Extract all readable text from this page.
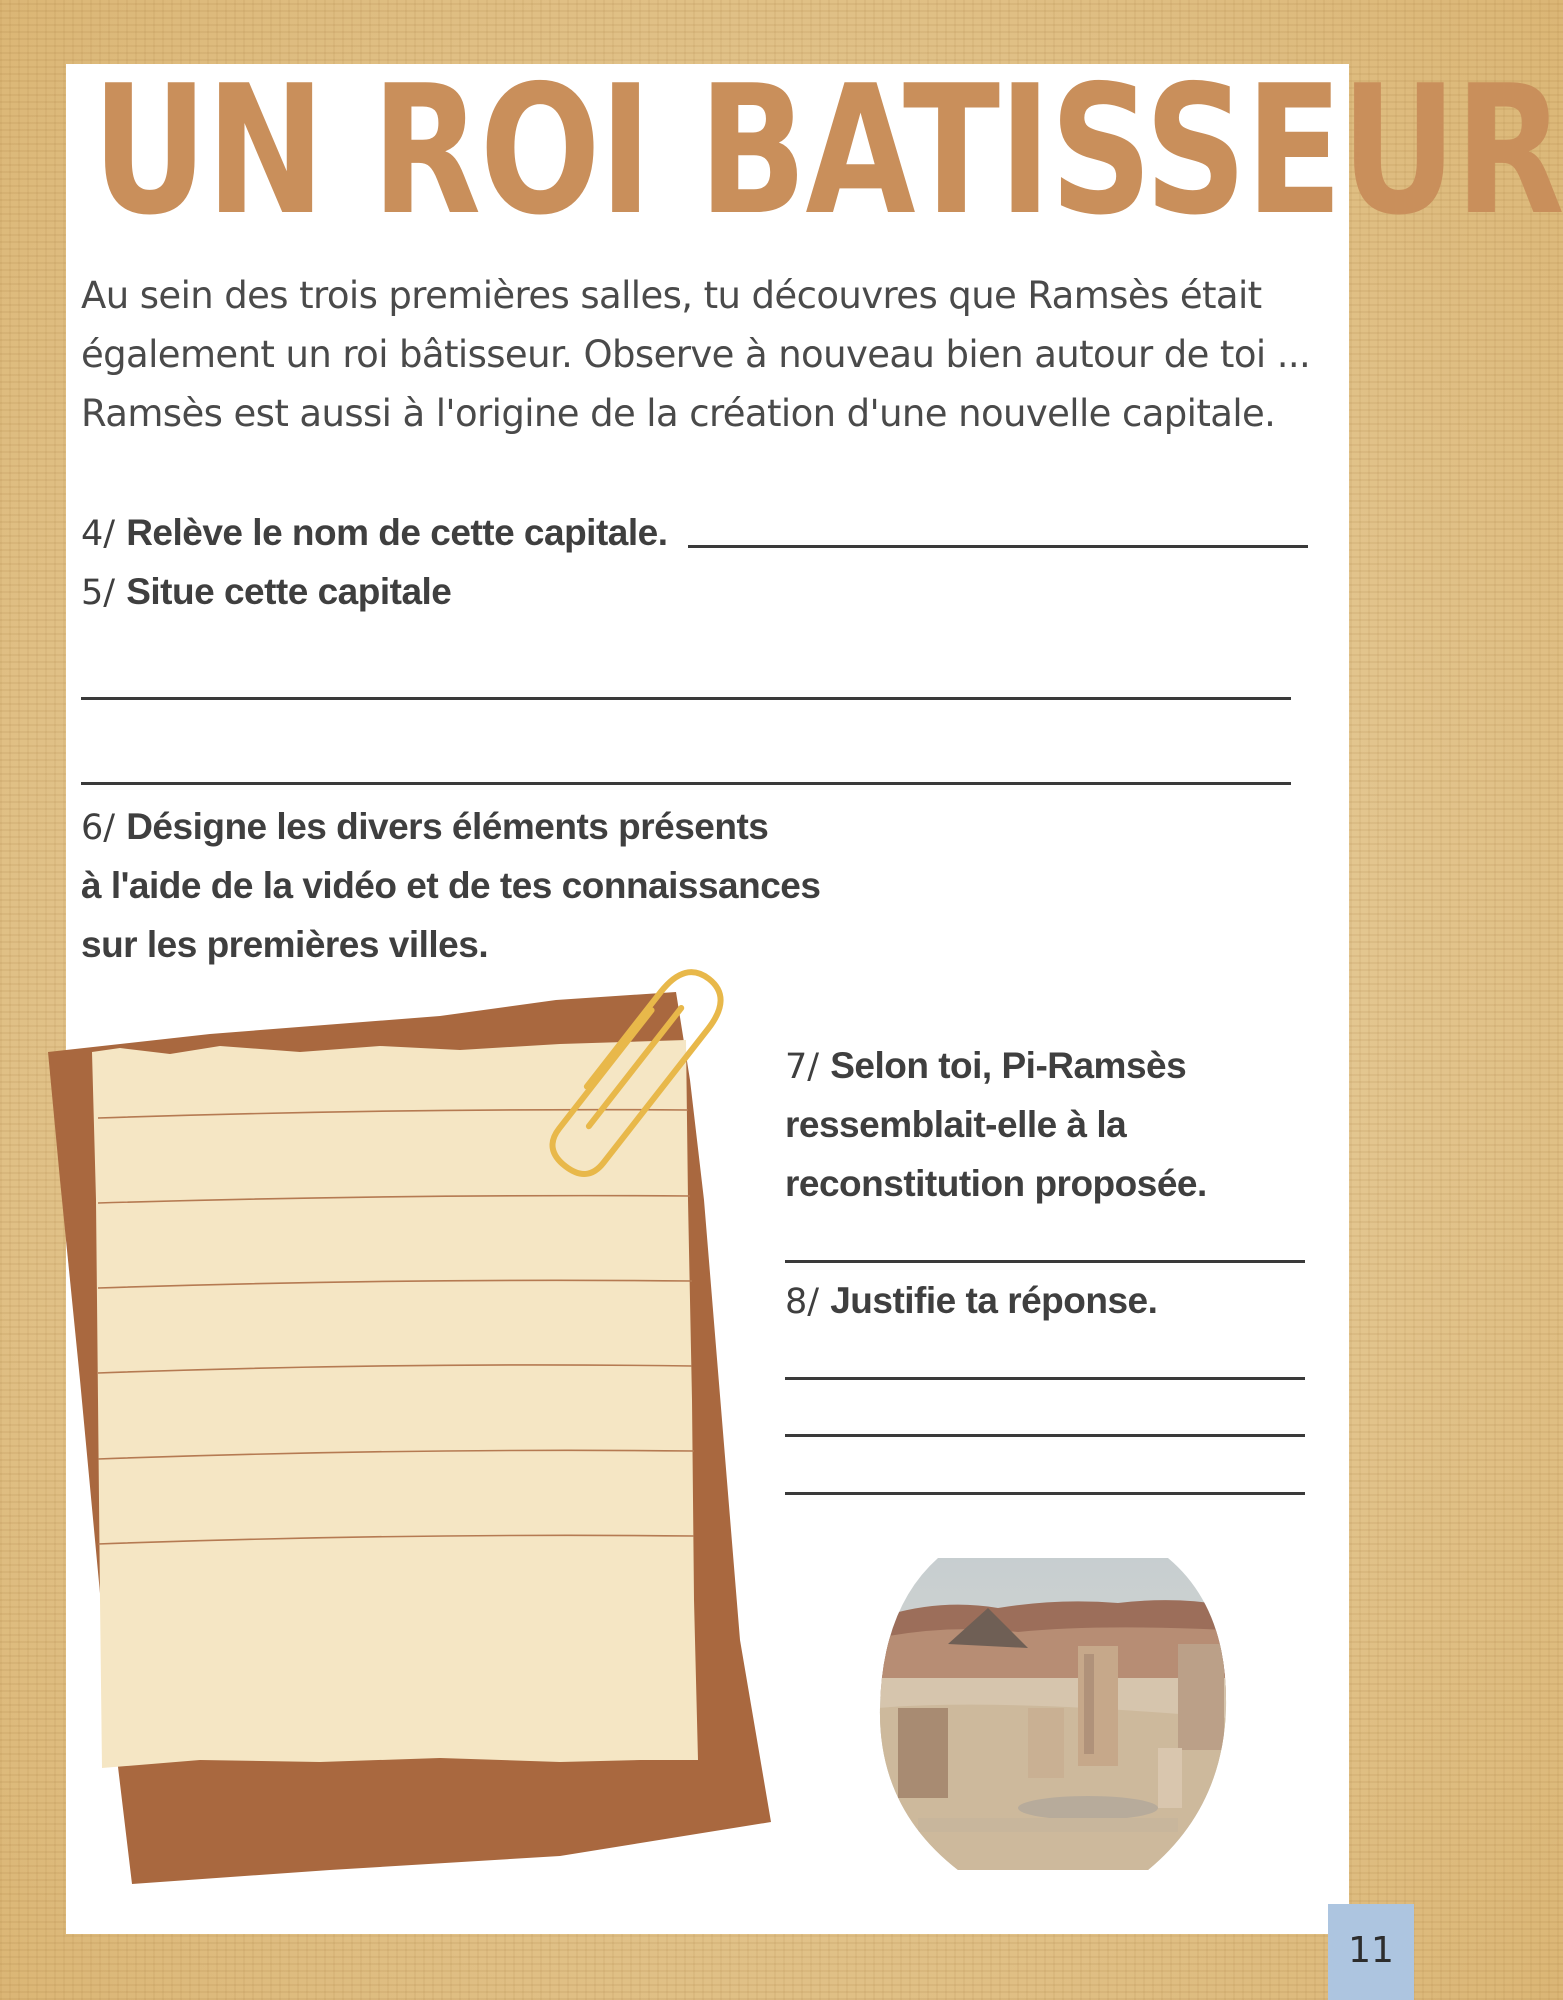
UN ROI BATISSEUR

Au sein des trois premières salles, tu découvres que Ramsès était également un roi bâtisseur. Observe à nouveau bien autour de toi ... Ramsès est aussi à l'origine de la création d'une nouvelle capitale.

4/ Relève le nom de cette capitale.

5/ Situe cette capitale

6/ Désigne les divers éléments présents

à l'aide de la vidéo et de tes connaissances

sur les premières villes.

7/ Selon toi, Pi-Ramsès

ressemblait-elle à la

reconstitution proposée.

8/ Justifie ta réponse.

11
